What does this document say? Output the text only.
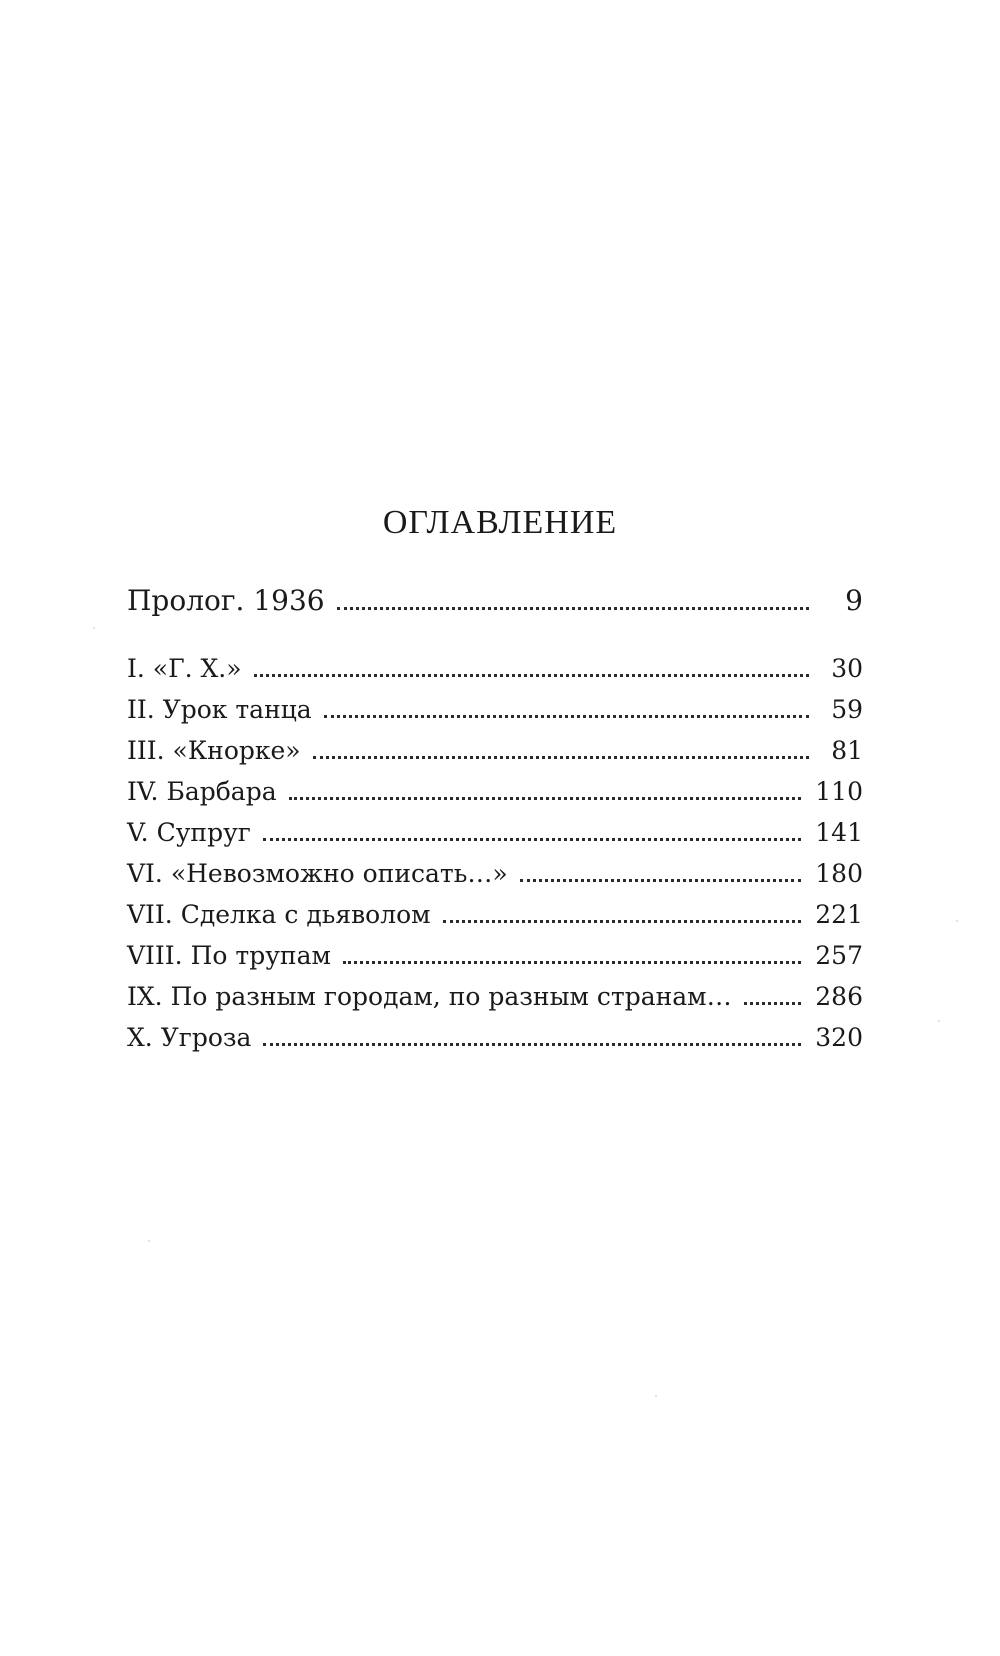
ОГЛАВЛЕНИЕ
Пролог. 1936	9
I. «Г. Х.»	30
II. Урок танца	59
III. «Кнорке»	81
IV. Барбара	110
V. Супруг	141
VI. «Невозможно описать…»	180
VII. Сделка с дьяволом	221
VIII. По трупам	257
IX. По разным городам, по разным странам…	286
X. Угроза	320
